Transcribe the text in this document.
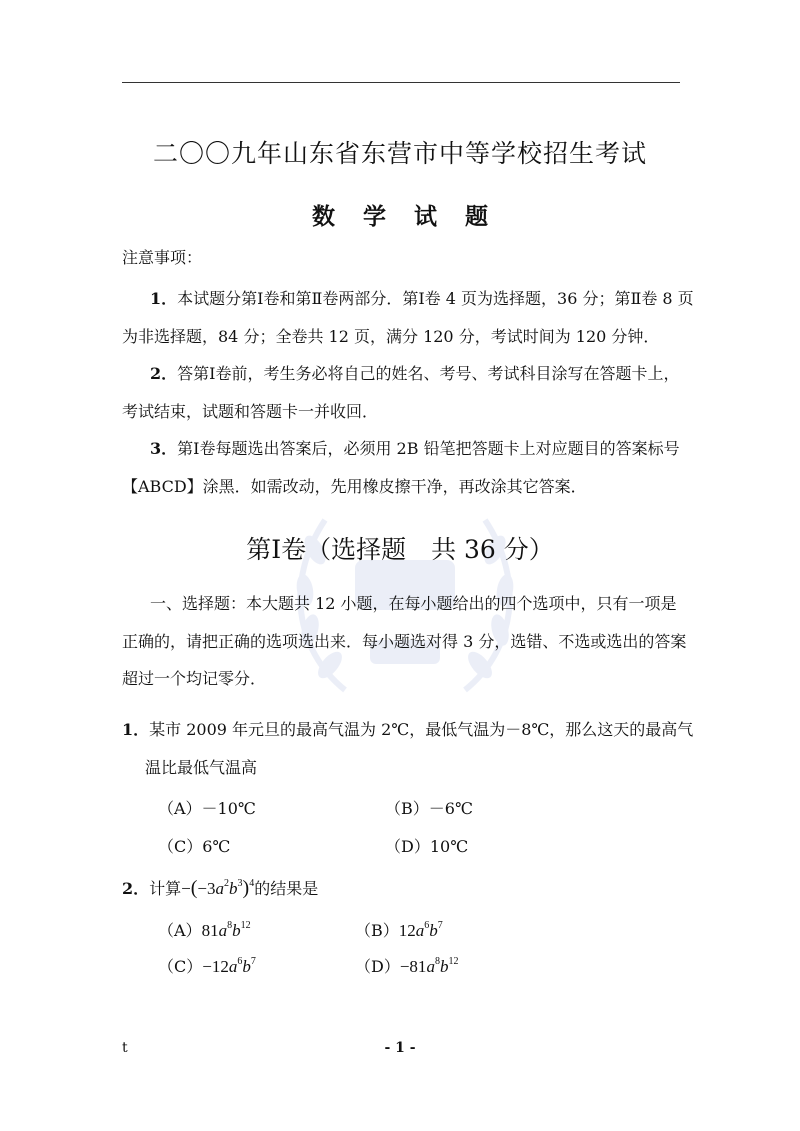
二〇〇九年山东省东营市中等学校招生考试
数 学 试 题
注意事项：
1．本试题分第Ⅰ卷和第Ⅱ卷两部分．第Ⅰ卷 4 页为选择题，36 分；第Ⅱ卷 8 页
为非选择题，84 分；全卷共 12 页，满分 120 分，考试时间为 120 分钟．
2．答第Ⅰ卷前，考生务必将自己的姓名、考号、考试科目涂写在答题卡上，
考试结束，试题和答题卡一并收回．
3．第Ⅰ卷每题选出答案后，必须用 2B 铅笔把答题卡上对应题目的答案标号
【ABCD】涂黑．如需改动，先用橡皮擦干净，再改涂其它答案．
第Ⅰ卷（选择题　共 36 分）
一、选择题：本大题共 12 小题，在每小题给出的四个选项中，只有一项是
正确的，请把正确的选项选出来．每小题选对得 3 分，选错、不选或选出的答案
超过一个均记零分．
1．某市 2009 年元旦的最高气温为 2℃，最低气温为－8℃，那么这天的最高气
温比最低气温高
（A）－10℃	（B）－6℃
（C）6℃	（D）10℃
2．计算$-(-3a^2b^3)^4$的结果是
$(A)81a^8b^{12}$	$(B)12a^6b^7$
$(C)-12a^6b^7$	$(D)-81a^8b^{12}$
t	- 1 -
